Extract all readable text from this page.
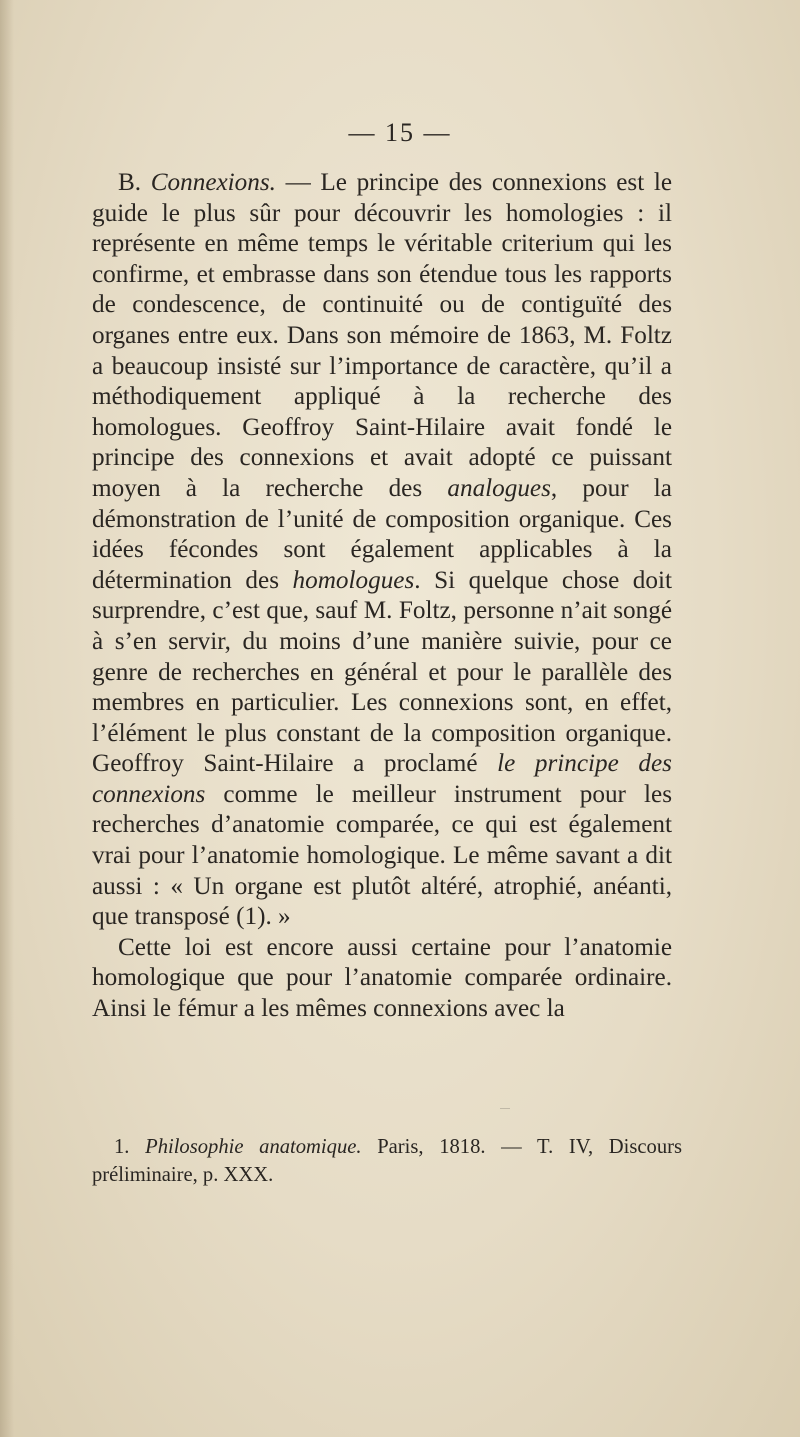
— 15 —

B. Connexions. — Le principe des connexions est le guide le plus sûr pour découvrir les homologies : il représente en même temps le véritable criterium qui les confirme, et embrasse dans son étendue tous les rapports de condescence, de continuité ou de contiguïté des organes entre eux. Dans son mémoire de 1863, M. Foltz a beaucoup insisté sur l’importance de caractère, qu’il a méthodiquement appliqué à la recherche des homologues. Geoffroy Saint-Hilaire avait fondé le principe des connexions et avait adopté ce puissant moyen à la recherche des analogues, pour la démonstration de l’unité de composition organique. Ces idées fécondes sont également applicables à la détermination des homologues. Si quelque chose doit surprendre, c’est que, sauf M. Foltz, personne n’ait songé à s’en servir, du moins d’une manière suivie, pour ce genre de recherches en général et pour le parallèle des membres en particulier. Les connexions sont, en effet, l’élément le plus constant de la composition organique. Geoffroy Saint-Hilaire a proclamé le principe des connexions comme le meilleur instrument pour les recherches d’anatomie comparée, ce qui est également vrai pour l’anatomie homologique. Le même savant a dit aussi : « Un organe est plutôt altéré, atrophié, anéanti, que transposé (1). »

Cette loi est encore aussi certaine pour l’anatomie homologique que pour l’anatomie comparée ordinaire. Ainsi le fémur a les mêmes connexions avec la

1. Philosophie anatomique. Paris, 1818. — T. IV, Discours préliminaire, p. XXX.
